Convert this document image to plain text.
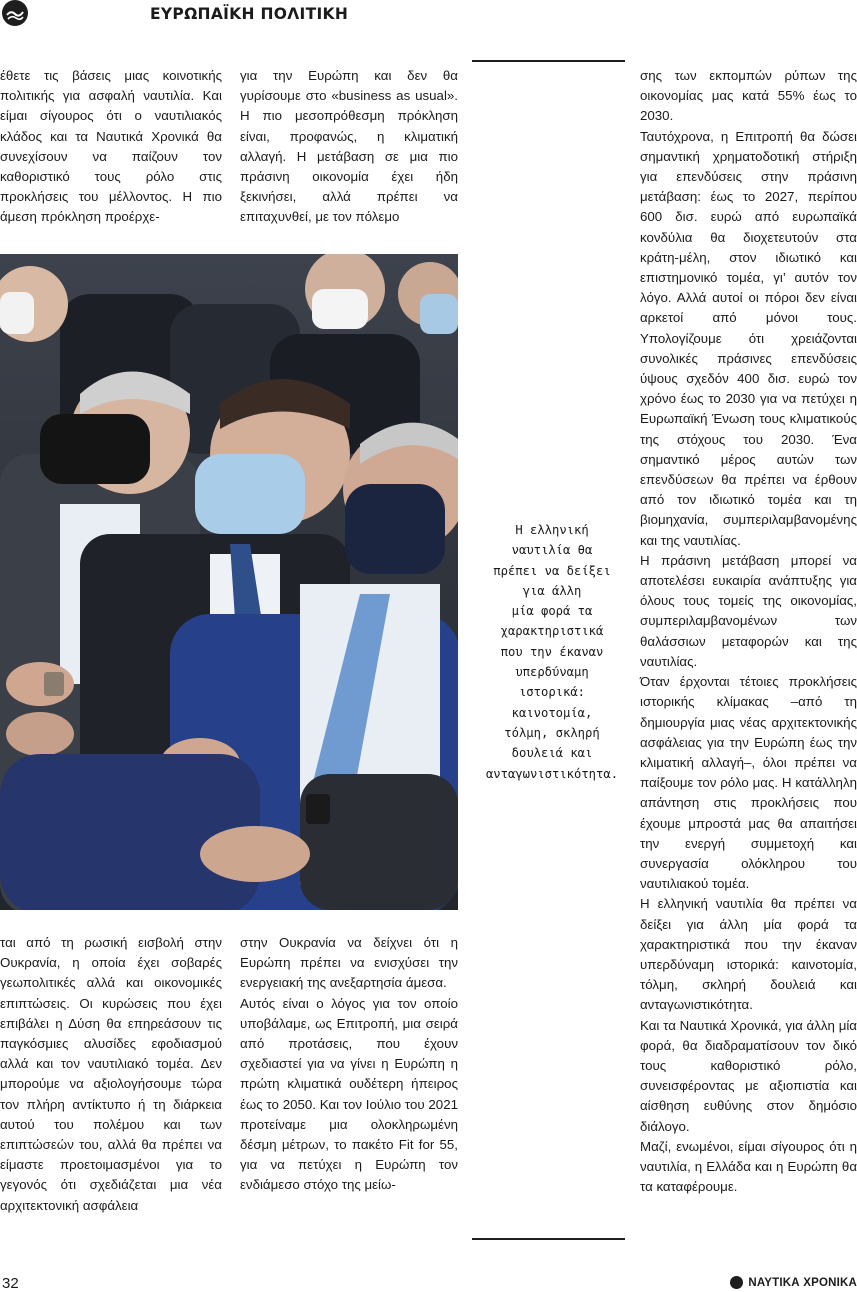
ΕΥΡΩΠΑΪΚΗ ΠΟΛΙΤΙΚΗ

έθετε τις βάσεις μιας κοινοτικής πολιτικής για ασφαλή ναυτιλία. Και είμαι σίγουρος ότι ο ναυτιλιακός κλάδος και τα Ναυτικά Χρονικά θα συνεχίσουν να παίζουν τον καθοριστικό τους ρόλο στις προκλήσεις του μέλλοντος. Η πιο άμεση πρόκληση προέρχε-

για την Ευρώπη και δεν θα γυρίσουμε στο «business as usual». Η πιο μεσοπρόθεσμη πρόκληση είναι, προφανώς, η κλιματική αλλαγή. Η μετάβαση σε μια πιο πράσινη οικονομία έχει ήδη ξεκινήσει, αλλά πρέπει να επιταχυνθεί, με τον πόλεμο

ται από τη ρωσική εισβολή στην Ουκρανία, η οποία έχει σοβαρές γεωπολιτικές αλλά και οικονομικές επιπτώσεις. Οι κυρώσεις που έχει επιβάλει η Δύση θα επηρεάσουν τις παγκόσμιες αλυσίδες εφοδιασμού αλλά και τον ναυτιλιακό τομέα. Δεν μπορούμε να αξιολογήσουμε τώρα τον πλήρη αντίκτυπο ή τη διάρκεια αυτού του πολέμου και των επιπτώσεών του, αλλά θα πρέπει να είμαστε προετοιμασμένοι για το γεγονός ότι σχεδιάζεται μια νέα αρχιτεκτονική ασφάλεια

στην Ουκρανία να δείχνει ότι η Ευρώπη πρέπει να ενισχύσει την ενεργειακή της ανεξαρτησία άμεσα.

Αυτός είναι ο λόγος για τον οποίο υποβάλαμε, ως Επιτροπή, μια σειρά από προτάσεις, που έχουν σχεδιαστεί για να γίνει η Ευρώπη η πρώτη κλιματικά ουδέτερη ήπειρος έως το 2050. Και τον Ιούλιο του 2021 προτείναμε μια ολοκληρωμένη δέσμη μέτρων, το πακέτο Fit for 55, για να πετύχει η Ευρώπη τον ενδιάμεσο στόχο της μείω-

Η ελληνική
ναυτιλία θα
πρέπει να δείξει
για άλλη
μία φορά τα
χαρακτηριστικά
που την έκαναν
υπερδύναμη
ιστορικά:
καινοτομία,
τόλμη, σκληρή
δουλειά και
ανταγωνιστικότητα.

σης των εκπομπών ρύπων της οικονομίας μας κατά 55% έως το 2030.

Ταυτόχρονα, η Επιτροπή θα δώσει σημαντική χρηματοδοτική στήριξη για επενδύσεις στην πράσινη μετάβαση: έως το 2027, περίπου 600 δισ. ευρώ από ευρωπαϊκά κονδύλια θα διοχετευτούν στα κράτη-μέλη, στον ιδιωτικό και επιστημονικό τομέα, γι’ αυτόν τον λόγο. Αλλά αυτοί οι πόροι δεν είναι αρκετοί από μόνοι τους. Υπολογίζουμε ότι χρειάζονται συνολικές πράσινες επενδύσεις ύψους σχεδόν 400 δισ. ευρώ τον χρόνο έως το 2030 για να πετύχει η Ευρωπαϊκή Ένωση τους κλιματικούς της στόχους του 2030. Ένα σημαντικό μέρος αυτών των επενδύσεων θα πρέπει να έρθουν από τον ιδιωτικό τομέα και τη βιομηχανία, συμπεριλαμβανομένης και της ναυτιλίας.

Η πράσινη μετάβαση μπορεί να αποτελέσει ευκαιρία ανάπτυξης για όλους τους τομείς της οικονομίας, συμπεριλαμβανομένων των θαλάσσιων μεταφορών και της ναυτιλίας.

Όταν έρχονται τέτοιες προκλήσεις ιστορικής κλίμακας –από τη δημιουργία μιας νέας αρχιτεκτονικής ασφάλειας για την Ευρώπη έως την κλιματική αλλαγή–, όλοι πρέπει να παίξουμε τον ρόλο μας. Η κατάλληλη απάντηση στις προκλήσεις που έχουμε μπροστά μας θα απαιτήσει την ενεργή συμμετοχή και συνεργασία ολόκληρου του ναυτιλιακού τομέα.

Η ελληνική ναυτιλία θα πρέπει να δείξει για άλλη μία φορά τα χαρακτηριστικά που την έκαναν υπερδύναμη ιστορικά: καινοτομία, τόλμη, σκληρή δουλειά και ανταγωνιστικότητα.

Και τα Ναυτικά Χρονικά, για άλλη μία φορά, θα διαδραματίσουν τον δικό τους καθοριστικό ρόλο, συνεισφέροντας με αξιοπιστία και αίσθηση ευθύνης στον δημόσιο διάλογο.

Μαζί, ενωμένοι, είμαι σίγουρος ότι η ναυτιλία, η Ελλάδα και η Ευρώπη θα τα καταφέρουμε.

32	ΝΑΥΤΙΚΑ ΧΡΟΝΙΚΑ
